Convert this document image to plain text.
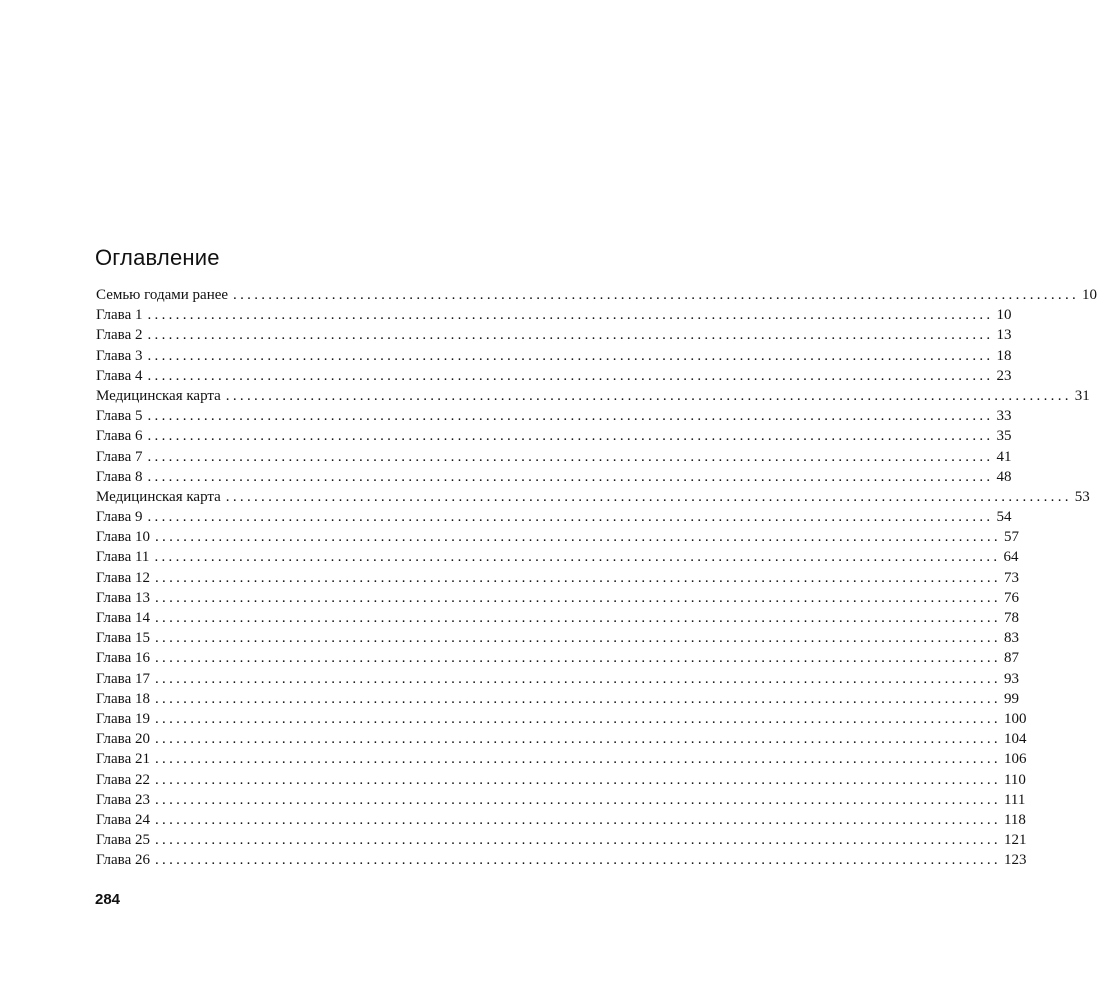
Оглавление
Семью годами ранее ........................................................................................................................ 10
Глава 1 ........................................................................................................................ 10
Глава 2 ........................................................................................................................ 13
Глава 3 ........................................................................................................................ 18
Глава 4 ........................................................................................................................ 23
Медицинская карта ........................................................................................................................ 31
Глава 5 ........................................................................................................................ 33
Глава 6 ........................................................................................................................ 35
Глава 7 ........................................................................................................................ 41
Глава 8 ........................................................................................................................ 48
Медицинская карта ........................................................................................................................ 53
Глава 9 ........................................................................................................................ 54
Глава 10 ........................................................................................................................ 57
Глава 11 ........................................................................................................................ 64
Глава 12 ........................................................................................................................ 73
Глава 13 ........................................................................................................................ 76
Глава 14 ........................................................................................................................ 78
Глава 15 ........................................................................................................................ 83
Глава 16 ........................................................................................................................ 87
Глава 17 ........................................................................................................................ 93
Глава 18 ........................................................................................................................ 99
Глава 19 ........................................................................................................................ 100
Глава 20 ........................................................................................................................ 104
Глава 21 ........................................................................................................................ 106
Глава 22 ........................................................................................................................ 110
Глава 23 ........................................................................................................................ 111
Глава 24 ........................................................................................................................ 118
Глава 25 ........................................................................................................................ 121
Глава 26 ........................................................................................................................ 123

284
